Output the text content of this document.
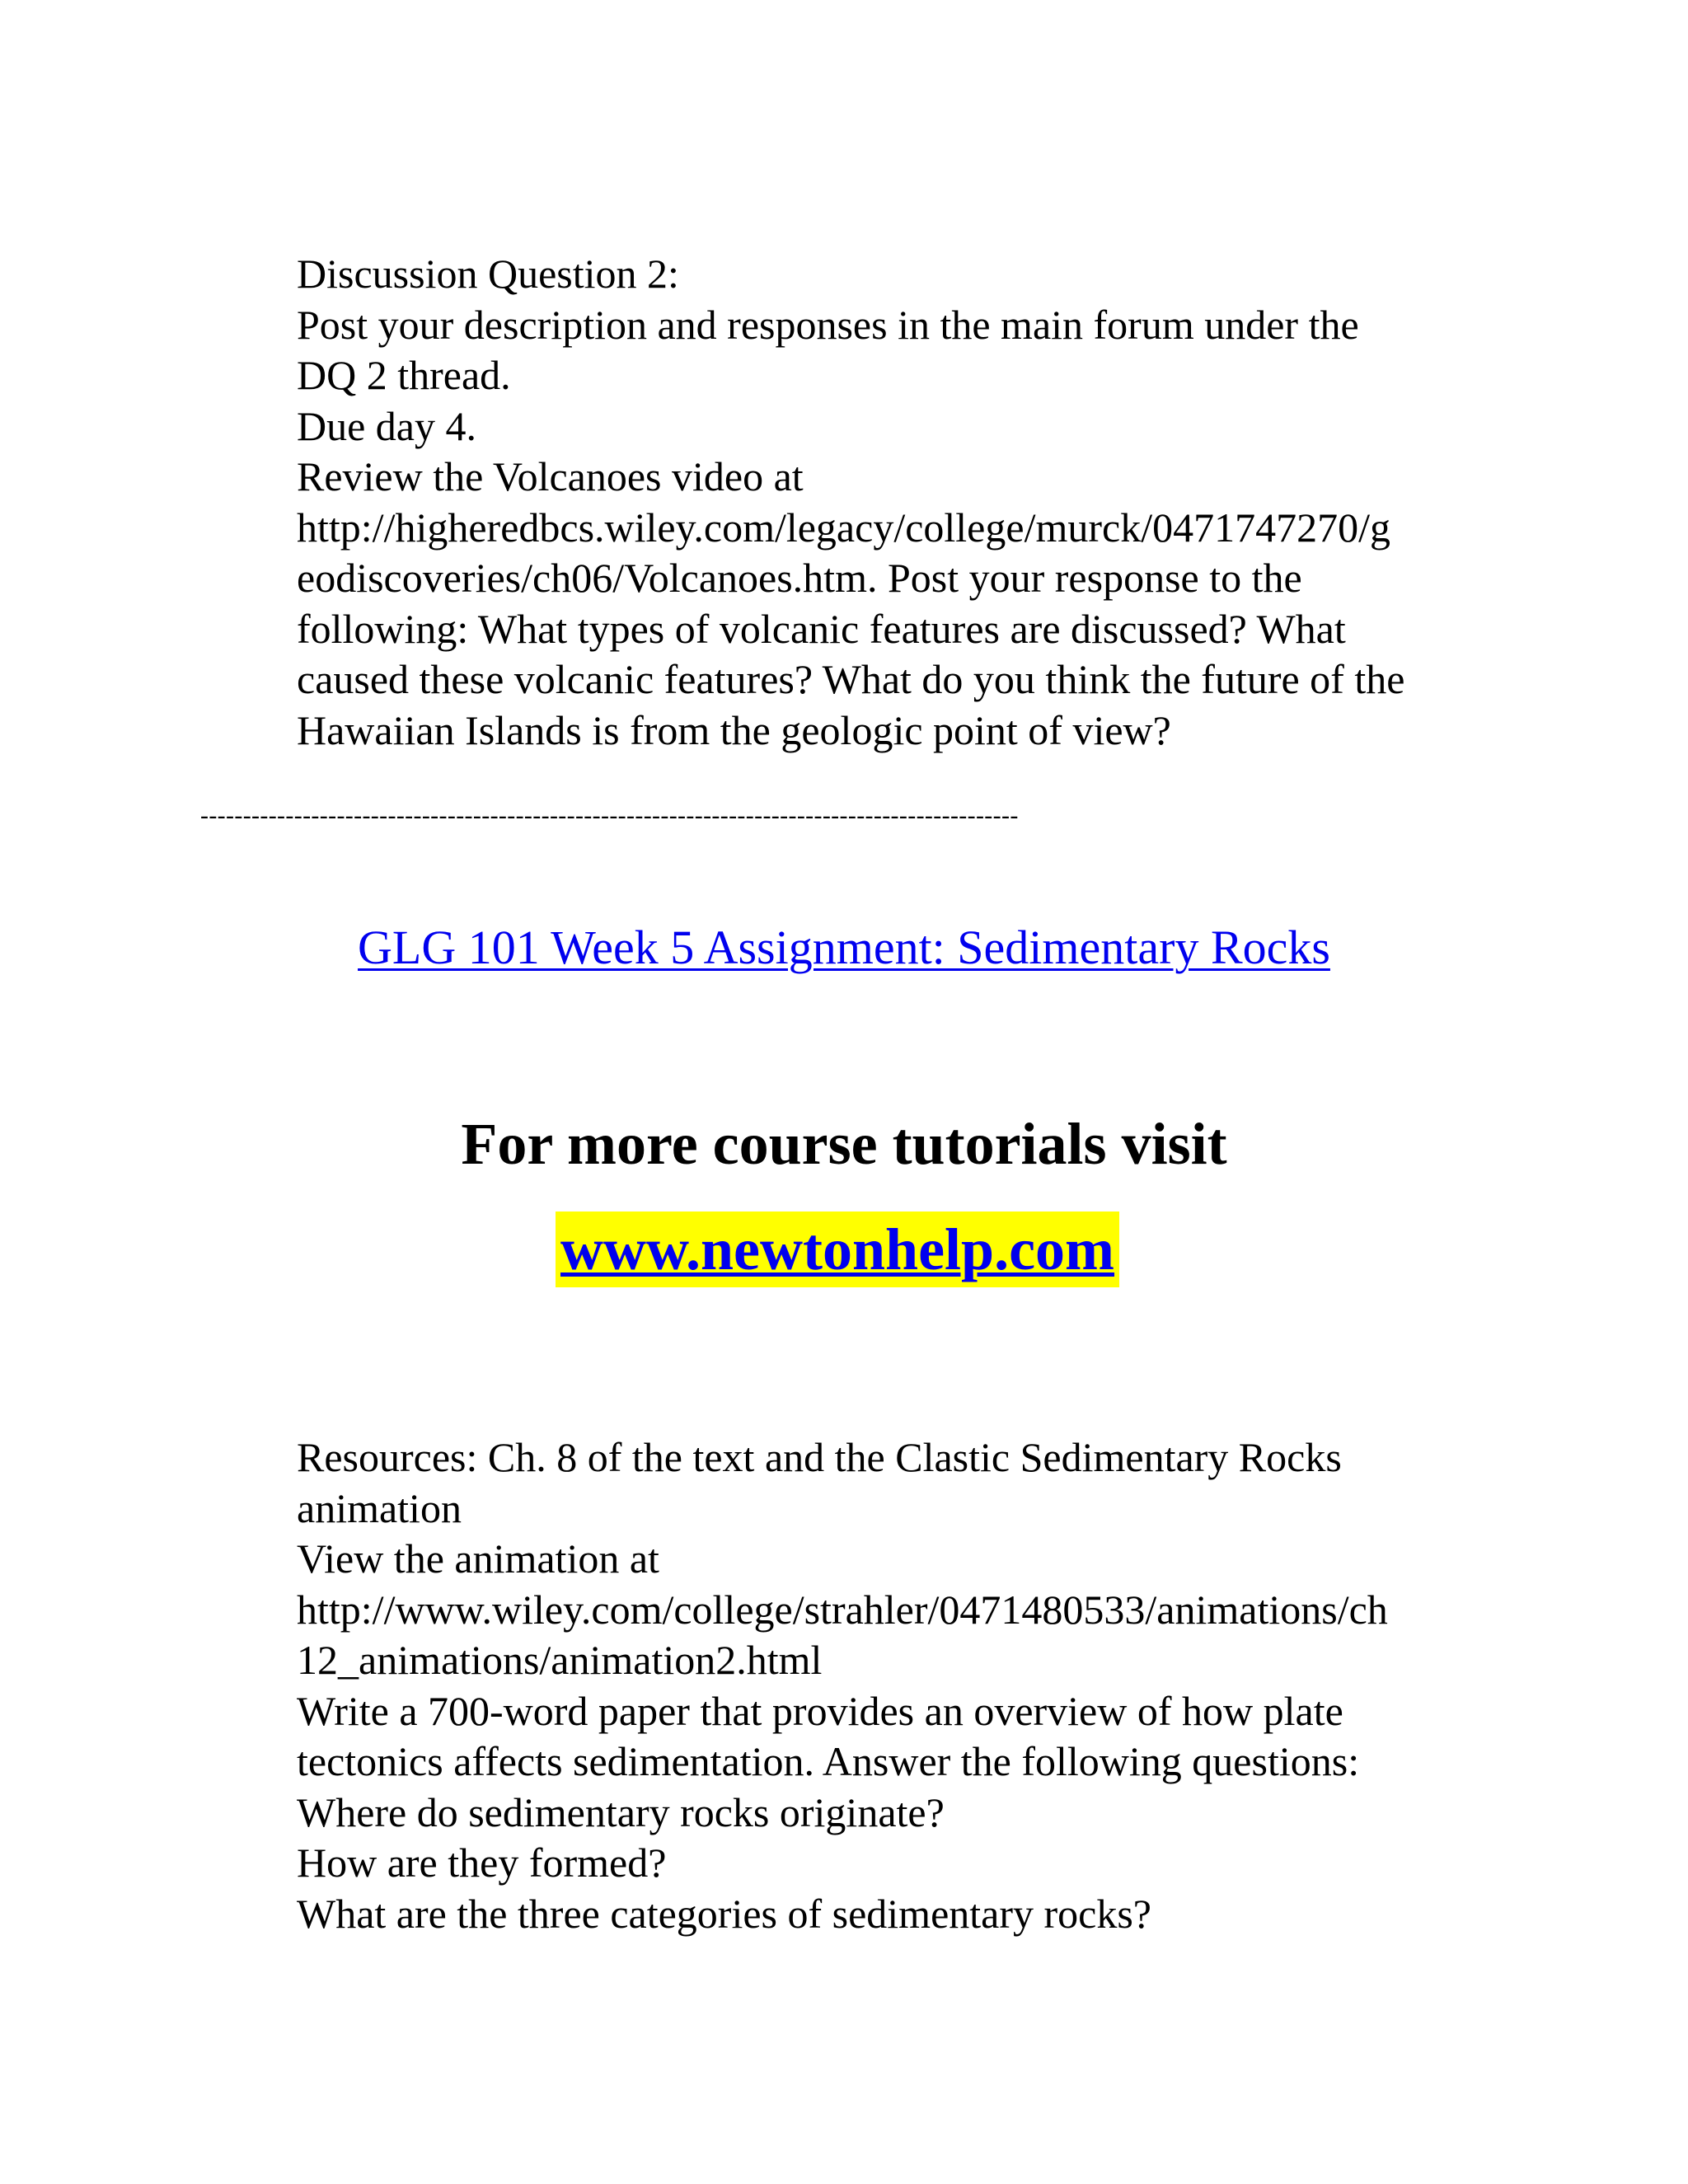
Discussion Question 2:
Post your description and responses in the main forum under the
DQ 2 thread.
Due day 4.
Review the Volcanoes video at
http://higheredbcs.wiley.com/legacy/college/murck/0471747270/g
eodiscoveries/ch06/Volcanoes.htm. Post your response to the
following: What types of volcanic features are discussed? What
caused these volcanic features? What do you think the future of the
Hawaiian Islands is from the geologic point of view?
------------------------------------------------------------------------------------------------
GLG 101 Week 5 Assignment: Sedimentary Rocks
For more course tutorials visit
www.newtonhelp.com
Resources: Ch. 8 of the text and the Clastic Sedimentary Rocks
animation
View the animation at
http://www.wiley.com/college/strahler/0471480533/animations/ch
12_animations/animation2.html
Write a 700-word paper that provides an overview of how plate
tectonics affects sedimentation. Answer the following questions:
Where do sedimentary rocks originate?
How are they formed?
What are the three categories of sedimentary rocks?
